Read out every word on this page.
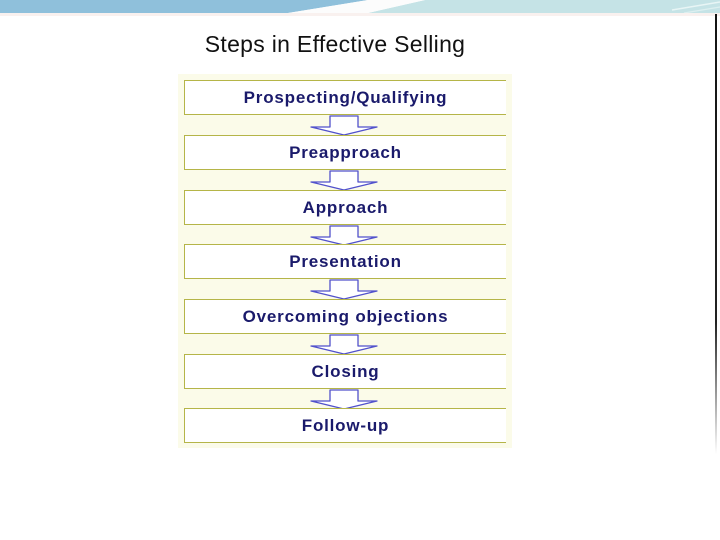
Steps in Effective Selling
Prospecting/Qualifying
Preapproach
Approach
Presentation
Overcoming objections
Closing
Follow-up
